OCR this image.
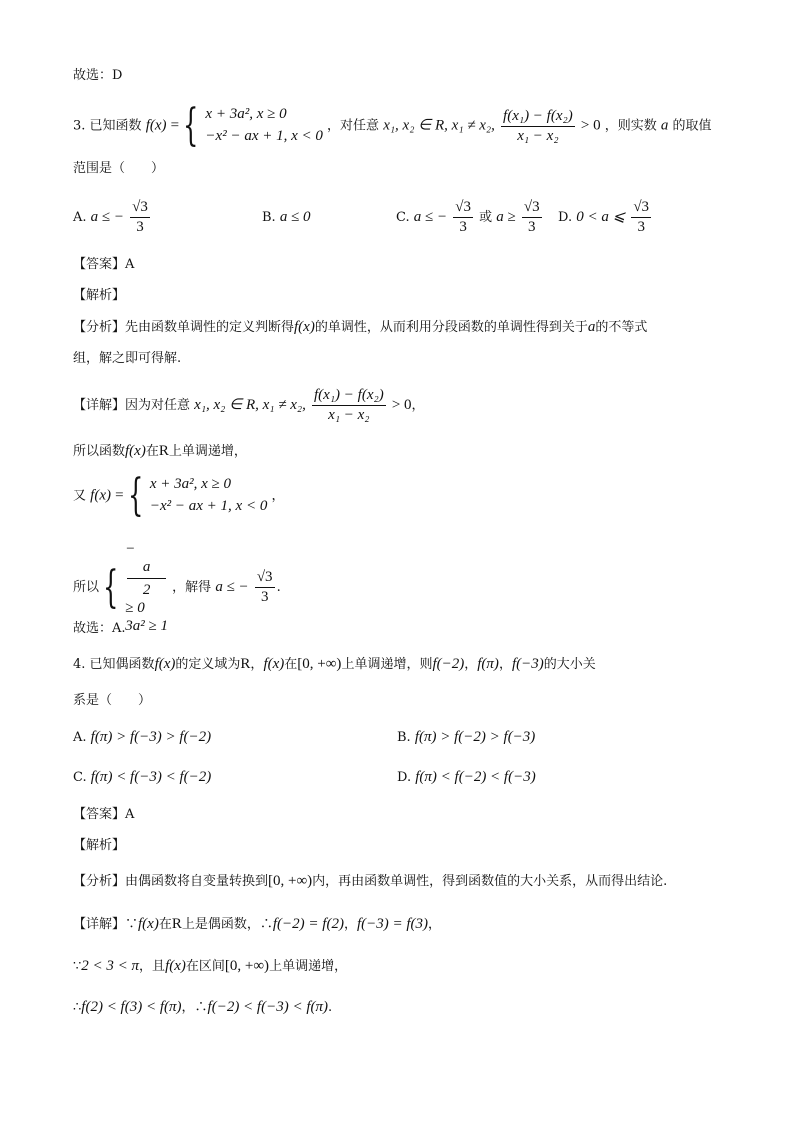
故选：D
3. 已知函数 f(x) = { x + 3a², x ≥ 0
−x² − ax + 1, x < 0
，对任意 x₁, x₂ ∈ R, x₁ ≠ x₂, $\frac{\text{f(x₁) − f(x₂)}}{\text{x₁ − x₂}} > 0$ ，则实数 a 的取值
范围是（　　）
A. a ≤ − $\frac{√3}{3}$	B. a ≤ 0	C. a ≤ − $\frac{√3}{3}$ 或 $a \ge \frac{√3}{3} D$. 0 < a ⩽ $\frac{√3}{3}$
【答案】A
【解析】
【分析】先由函数单调性的定义判断得f(x)的单调性，从而利用分段函数的单调性得到关于a的不等式
组，解之即可得解.
【详解】因为对任意 x₁, x₂ ∈ R, x₁ ≠ x₂, $\frac{\text{f(x₁) − f(x₂)}}{\text{x₁ − x₂}} > 0$，
所以函数f(x)在R上单调递增，
又 f(x) = { x + 3a², x ≥ 0
−x² − ax + 1, x < 0
，
所以 {
−
a
2
≥ 0
3a² ≥ 1
，解得 a ≤ − $\frac{√3}{3}$ .
故选：A.
4. 已知偶函数f(x)的定义域为R，f(x)在[0, +∞)上单调递增，则f(−2)，f(π)，f(−3)的大小关
系是（　　）
A. f(π) > f(−3) > f(−2)	B. f(π) > f(−2) > f(−3)
C. f(π) < f(−3) < f(−2)	D. f(π) < f(−2) < f(−3)
【答案】A
【解析】
【分析】由偶函数将自变量转换到[0, +∞)内，再由函数单调性，得到函数值的大小关系，从而得出结论.
【详解】∵f(x)在R上是偶函数，∴f(−2) = f(2)，f(−3) = f(3)，
∵2 < 3 < π，且f(x)在区间[0, +∞)上单调递增，
∴f(2) < f(3) < f(π)，∴f(−2) < f(−3) < f(π).
